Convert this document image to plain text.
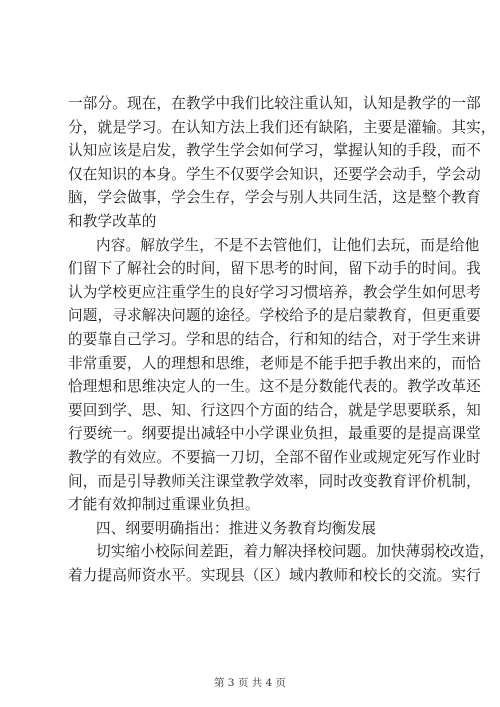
一部分。现在，在教学中我们比较注重认知，认知是教学的一部
分，就是学习。在认知方法上我们还有缺陷，主要是灌输。其实，
认知应该是启发，教学生学会如何学习，掌握认知的手段，而不
仅在知识的本身。学生不仅要学会知识，还要学会动手，学会动
脑，学会做事，学会生存，学会与别人共同生活，这是整个教育
和教学改革的
内容。解放学生，不是不去管他们，让他们去玩，而是给他
们留下了解社会的时间，留下思考的时间，留下动手的时间。我
认为学校更应注重学生的良好学习习惯培养，教会学生如何思考
问题，寻求解决问题的途径。学校给予的是启蒙教育，但更重要
的要靠自己学习。学和思的结合，行和知的结合，对于学生来讲
非常重要，人的理想和思维，老师是不能手把手教出来的，而恰
恰理想和思维决定人的一生。这不是分数能代表的。教学改革还
要回到学、思、知、行这四个方面的结合，就是学思要联系，知
行要统一。纲要提出减轻中小学课业负担，最重要的是提高课堂
教学的有效应。不要搞一刀切，全部不留作业或规定死写作业时
间，而是引导教师关注课堂教学效率，同时改变教育评价机制，
才能有效抑制过重课业负担。
四、纲要明确指出：推进义务教育均衡发展
切实缩小校际间差距，着力解决择校问题。加快薄弱校改造，
着力提高师资水平。实现县（区）域内教师和校长的交流。实行
第 3 页 共 4 页
